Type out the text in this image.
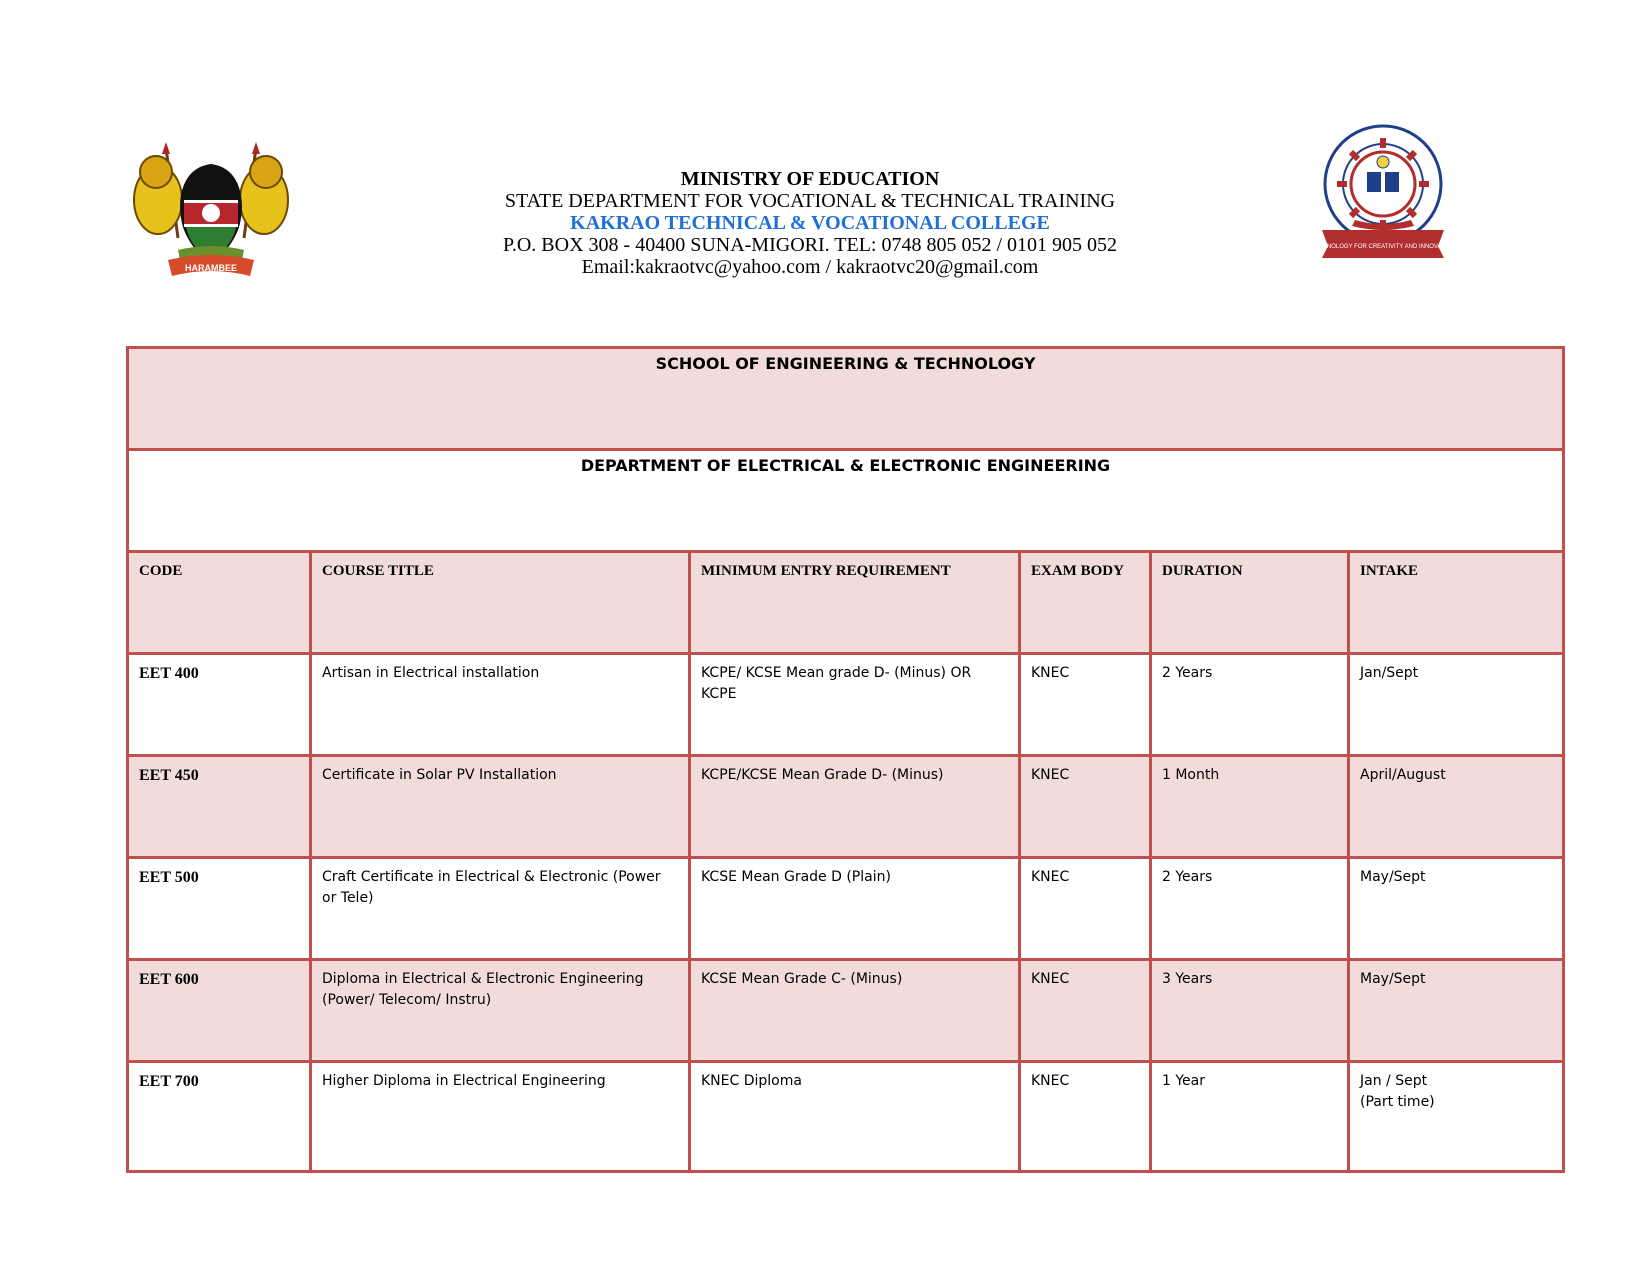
HARAMBEE
MINISTRY OF EDUCATION
STATE DEPARTMENT FOR VOCATIONAL & TECHNICAL TRAINING
KAKRAO TECHNICAL & VOCATIONAL COLLEGE
P.O. BOX 308 - 40400 SUNA-MIGORI. TEL: 0748 805 052 / 0101 905 052
Email:kakraotvc@yahoo.com / kakraotvc20@gmail.com
TECHNOLOGY FOR CREATIVITY AND INNOVATION
SCHOOL OF ENGINEERING & TECHNOLOGY					
DEPARTMENT OF ELECTRICAL & ELECTRONIC ENGINEERING					
CODE	COURSE TITLE	MINIMUM ENTRY REQUIREMENT	EXAM BODY	DURATION	INTAKE
EET 400	Artisan in Electrical installation	KCPE/ KCSE Mean grade D- (Minus) OR KCPE	KNEC	2 Years	Jan/Sept
EET 450	Certificate in Solar PV Installation	KCPE/KCSE Mean Grade D- (Minus)	KNEC	1 Month	April/August
EET 500	Craft Certificate in Electrical & Electronic (Power or Tele)	KCSE Mean Grade D (Plain)	KNEC	2 Years	May/Sept
EET 600	Diploma in Electrical & Electronic Engineering (Power/ Telecom/ Instru)	KCSE Mean Grade C- (Minus)	KNEC	3 Years	May/Sept
EET 700	Higher Diploma in Electrical Engineering	KNEC Diploma	KNEC	1 Year	Jan / Sept
(Part time)
